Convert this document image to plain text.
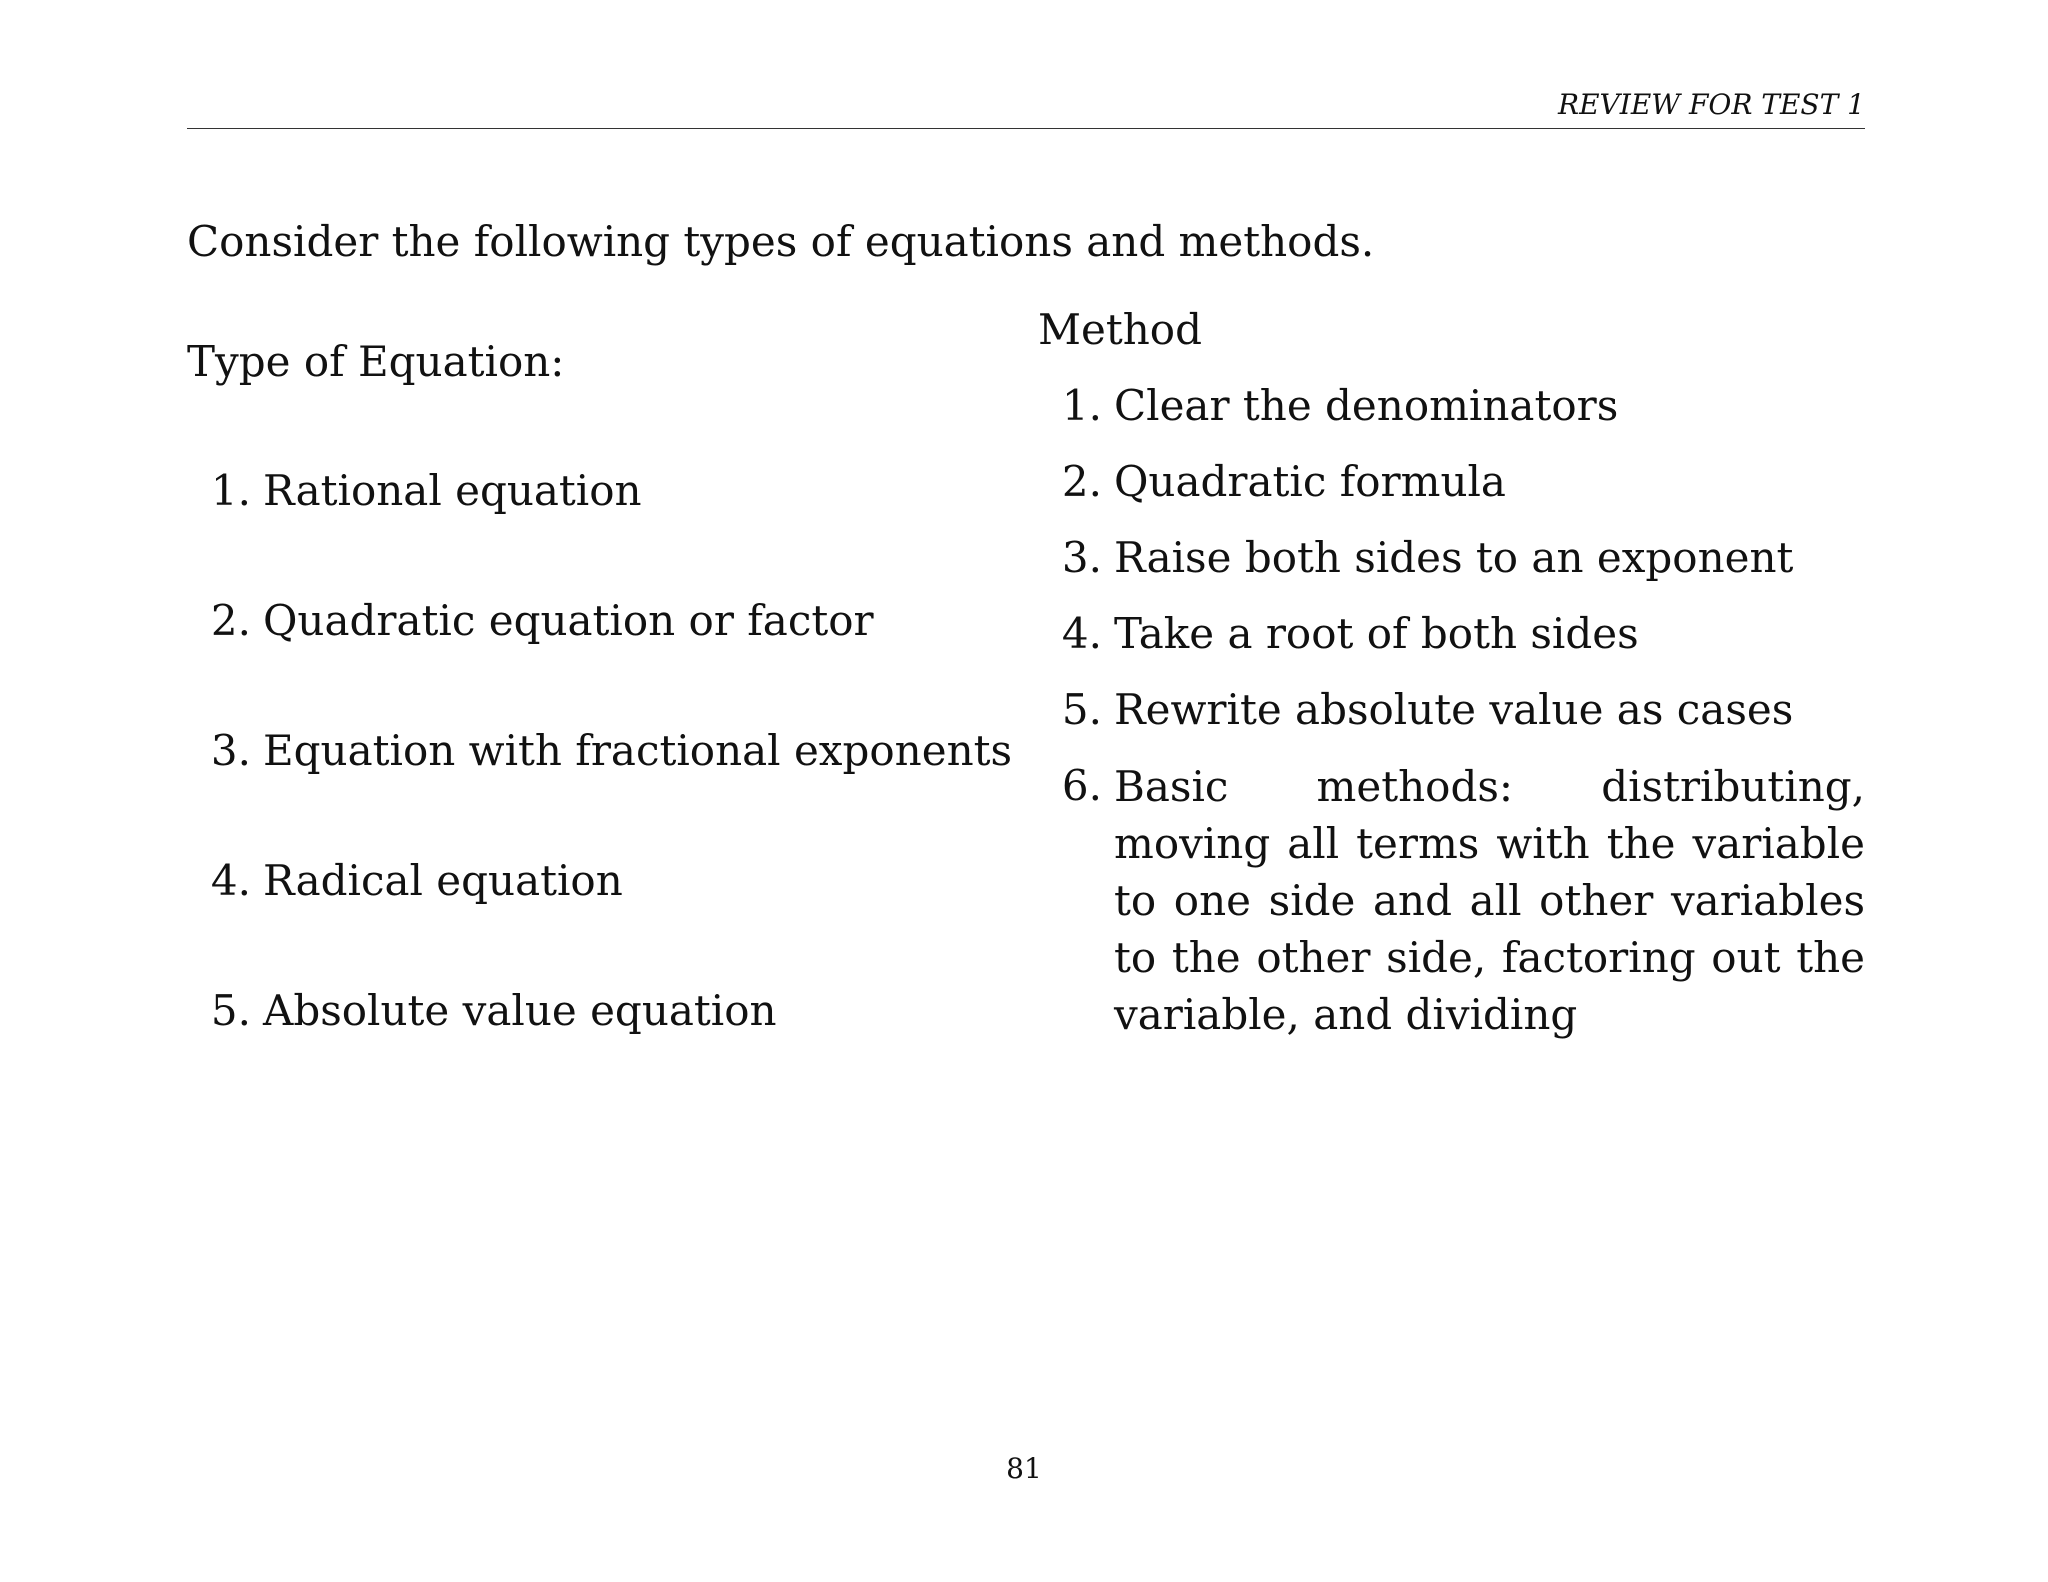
REVIEW FOR TEST 1
Consider the following types of equations and methods.
Type of Equation:
1. Rational equation
2. Quadratic equation or factor
3. Equation with fractional exponents
4. Radical equation
5. Absolute value equation
Method
1. Clear the denominators
2. Quadratic formula
3. Raise both sides to an exponent
4. Take a root of both sides
5. Rewrite absolute value as cases
6. Basic methods: distributing, moving all terms with the variable to one side and all other variables to the other side, factoring out the variable, and dividing
81
